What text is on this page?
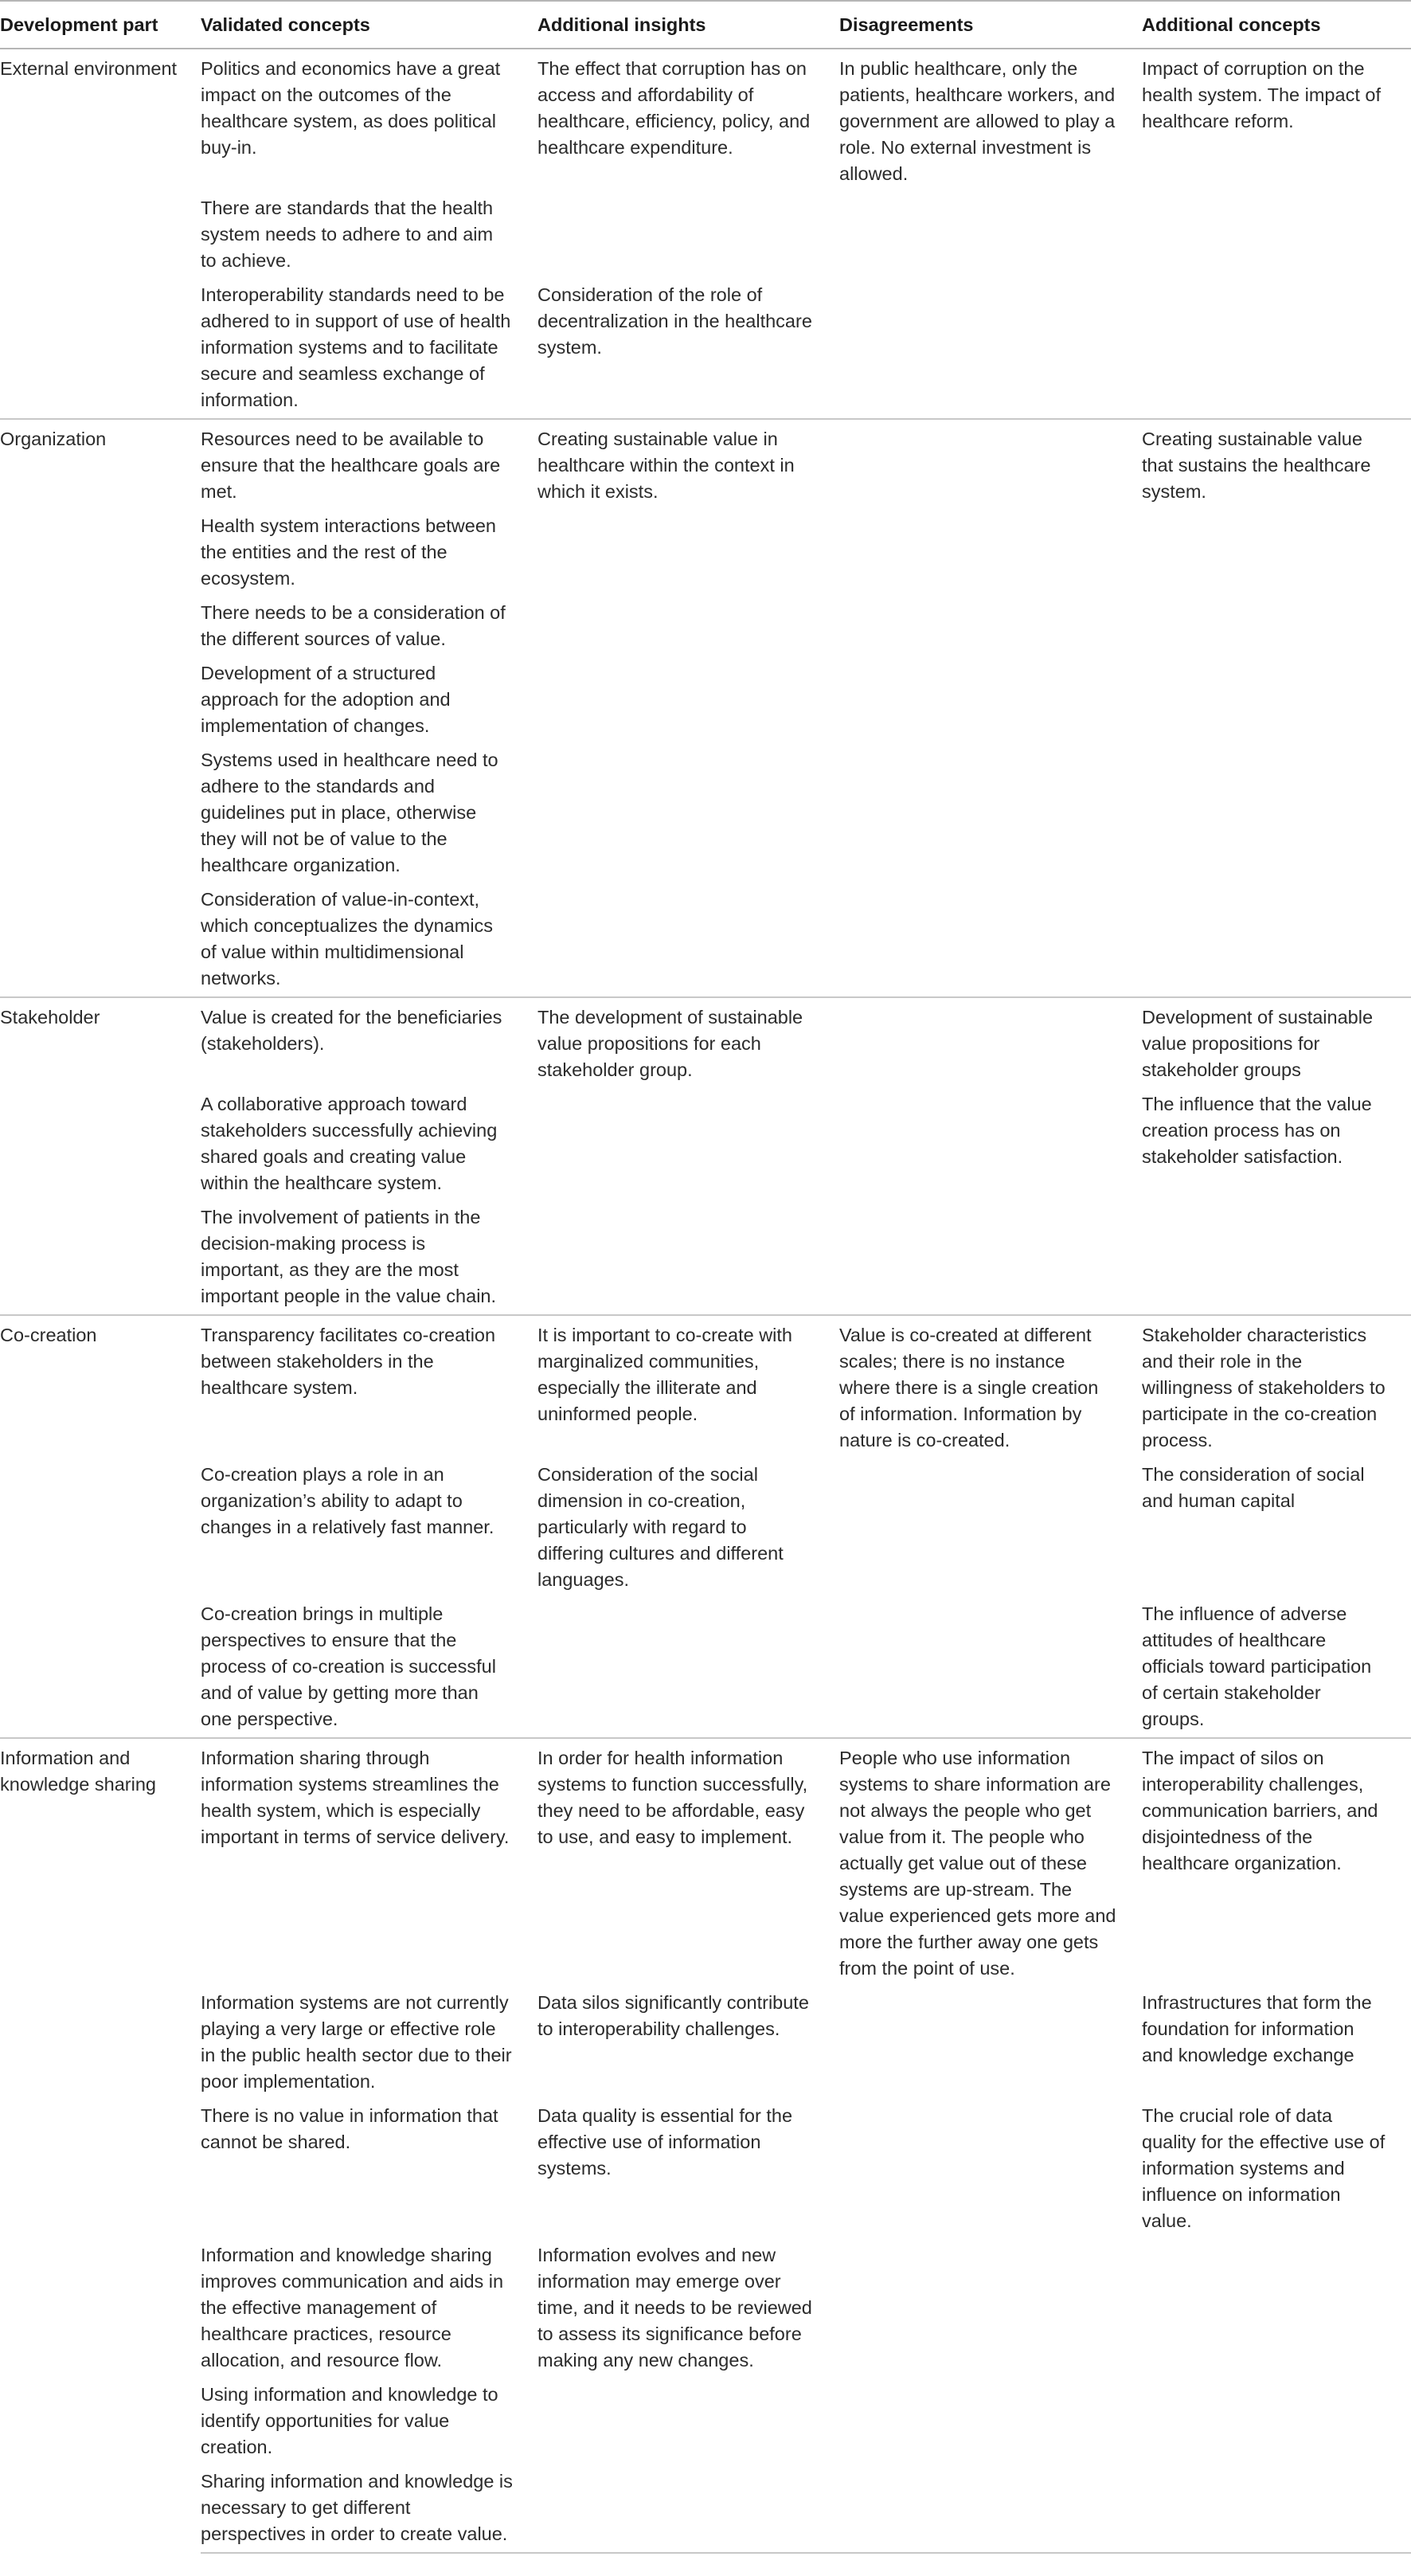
Development part	Validated concepts	Additional insights	Disagreements	Additional concepts
External environment	Politics and economics have a great impact on the outcomes of the healthcare system, as does political buy-in.	The effect that corruption has on access and affordability of healthcare, efficiency, policy, and healthcare expenditure.	In public healthcare, only the patients, healthcare workers, and government are allowed to play a role. No external investment is allowed.	Impact of corruption on the health system. The impact of healthcare reform.
	There are standards that the health system needs to adhere to and aim to achieve.			
	Interoperability standards need to be adhered to in support of use of health information systems and to facilitate secure and seamless exchange of information.	Consideration of the role of decentralization in the healthcare system.		
Organization	Resources need to be available to ensure that the healthcare goals are met.	Creating sustainable value in healthcare within the context in which it exists.		Creating sustainable value that sustains the healthcare system.
	Health system interactions between the entities and the rest of the ecosystem.			
	There needs to be a consideration of the different sources of value.			
	Development of a structured approach for the adoption and implementation of changes.			
	Systems used in healthcare need to adhere to the standards and guidelines put in place, otherwise they will not be of value to the healthcare organization.			
	Consideration of value-in-context, which conceptualizes the dynamics of value within multidimensional networks.			
Stakeholder	Value is created for the beneficiaries (stakeholders).	The development of sustainable value propositions for each stakeholder group.		Development of sustainable value propositions for stakeholder groups
	A collaborative approach toward stakeholders successfully achieving shared goals and creating value within the healthcare system.			The influence that the value creation process has on stakeholder satisfaction.
	The involvement of patients in the decision-making process is important, as they are the most important people in the value chain.			
Co-creation	Transparency facilitates co-creation between stakeholders in the healthcare system.	It is important to co-create with marginalized communities, especially the illiterate and uninformed people.	Value is co-created at different scales; there is no instance where there is a single creation of information. Information by nature is co-created.	Stakeholder characteristics and their role in the willingness of stakeholders to participate in the co-creation process.
	Co-creation plays a role in an organization’s ability to adapt to changes in a relatively fast manner.	Consideration of the social dimension in co-creation, particularly with regard to differing cultures and different languages.		The consideration of social and human capital
	Co-creation brings in multiple perspectives to ensure that the process of co-creation is successful and of value by getting more than one perspective.			The influence of adverse attitudes of healthcare officials toward participation of certain stakeholder groups.
Information and knowledge sharing	Information sharing through information systems streamlines the health system, which is especially important in terms of service delivery.	In order for health information systems to function successfully, they need to be affordable, easy to use, and easy to implement.	People who use information systems to share information are not always the people who get value from it. The people who actually get value out of these systems are up-stream. The value experienced gets more and more the further away one gets from the point of use.	The impact of silos on interoperability challenges, communication barriers, and disjointedness of the healthcare organization.
	Information systems are not currently playing a very large or effective role in the public health sector due to their poor implementation.	Data silos significantly contribute to interoperability challenges.		Infrastructures that form the foundation for information and knowledge exchange
	There is no value in information that cannot be shared.	Data quality is essential for the effective use of information systems.		The crucial role of data quality for the effective use of information systems and influence on information value.
	Information and knowledge sharing improves communication and aids in the effective management of healthcare practices, resource allocation, and resource flow.	Information evolves and new information may emerge over time, and it needs to be reviewed to assess its significance before making any new changes.		
	Using information and knowledge to identify opportunities for value creation.			
	Sharing information and knowledge is necessary to get different perspectives in order to create value.			
